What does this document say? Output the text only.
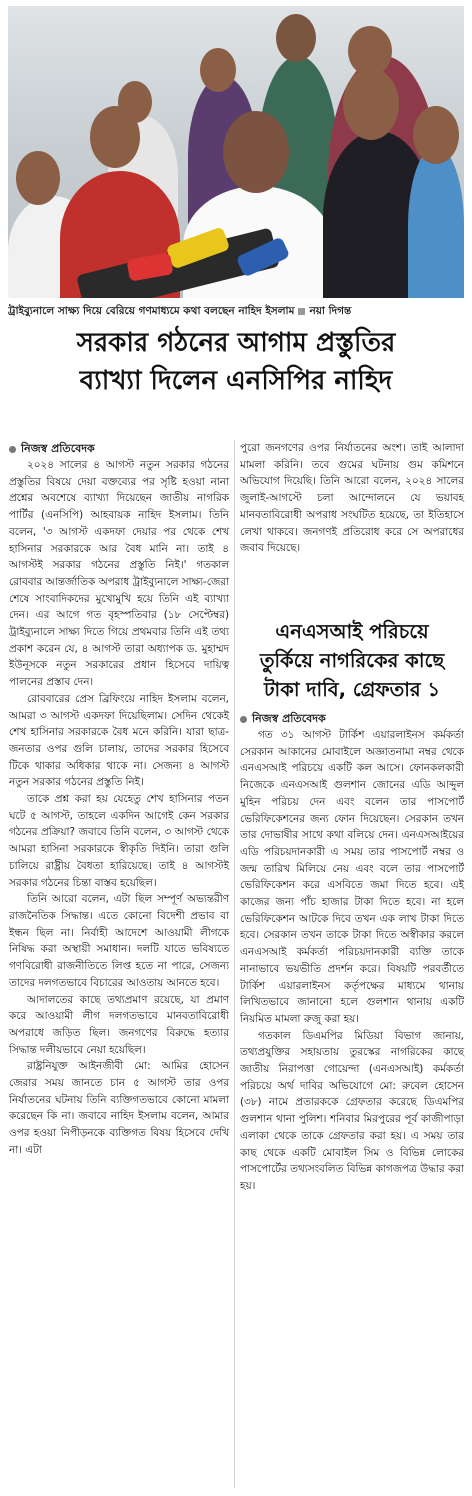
ট্রাইব্যুনালে সাক্ষ্য দিয়ে বেরিয়ে গণমাধ্যমে কথা বলছেন নাহিদ ইসলাম নয়া দিগন্ত
সরকার গঠনের আগাম প্রস্তুতির
ব্যাখ্যা দিলেন এনসিপির নাহিদ

নিজস্ব প্রতিবেদক

২০২৪ সালের ৪ আগস্ট নতুন সরকার গঠনের প্রস্তুতির বিষয়ে দেয়া বক্তব্যের পর সৃষ্টি হওয়া নানা প্রশ্নের অবশেষে ব্যাখ্যা দিয়েছেন জাতীয় নাগরিক পার্টির (এনসিপি) আহবায়ক নাহিদ ইসলাম। তিনি বলেন, '৩ আগস্ট একদফা দেয়ার পর থেকে শেখ হাসিনার সরকারকে আর বৈধ মানি না। তাই ৪ আগস্টই সরকার গঠনের প্রস্তুতি নিই।' গতকাল রোববার আন্তর্জাতিক অপরাধ ট্রাইব্যুনালে সাক্ষ্য-জেরা শেষে সাংবাদিকদের মুখোমুখি হয়ে তিনি এই ব্যাখ্যা দেন। এর আগে গত বৃহস্পতিবার (১৮ সেপ্টেম্বর) ট্রাইব্যুনালে সাক্ষ্য দিতে গিয়ে প্রথমবার তিনি এই তথ্য প্রকাশ করেন যে, ৪ আগস্ট তারা অধ্যাপক ড. মুহাম্মদ ইউনূসকে নতুন সরকারের প্রধান হিসেবে দায়িত্ব পালনের প্রস্তাব দেন।

রোববারের প্রেস ব্রিফিংয়ে নাহিদ ইসলাম বলেন, আমরা ৩ আগস্ট একদফা দিয়েছিলাম। সেদিন থেকেই শেখ হাসিনার সরকারকে বৈধ মনে করিনি। যারা ছাত্র-জনতার ওপর গুলি চালায়, তাদের সরকার হিসেবে টিকে থাকার অধিকার থাকে না। সেজন্য ৪ আগস্ট নতুন সরকার গঠনের প্রস্তুতি নিই।

তাকে প্রশ্ন করা হয় যেহেতু শেখ হাসিনার পতন ঘটে ৫ আগস্ট, তাহলে একদিন আগেই কেন সরকার গঠনের প্রক্রিয়া? জবাবে তিনি বলেন, ৩ আগস্ট থেকে আমরা হাসিনা সরকারকে স্বীকৃতি দিইনি। তারা গুলি চালিয়ে রাষ্ট্রীয় বৈধতা হারিয়েছে। তাই ৪ আগস্টই সরকার গঠনের চিন্তা বাস্তব হয়েছিল।

তিনি আরো বলেন, এটা ছিল সম্পূর্ণ অভ্যন্তরীণ রাজনৈতিক সিদ্ধান্ত। এতে কোনো বিদেশী প্রভাব বা ইন্ধন ছিল না। নির্বাহী আদেশে আওয়ামী লীগকে নিষিদ্ধ করা অস্থায়ী সমাধান। দলটি যাতে ভবিষ্যতে গণবিরোধী রাজনীতিতে লিপ্ত হতে না পারে, সেজন্য তাদের দলগতভাবে বিচারের আওতায় আনতে হবে।

আদালতের কাছে তথ্যপ্রমাণ রয়েছে, যা প্রমাণ করে আওয়ামী লীগ দলগতভাবে মানবতাবিরোধী অপরাধে জড়িত ছিল। জনগণের বিরুদ্ধে হত্যার সিদ্ধান্ত দলীয়ভাবে নেয়া হয়েছিল।

রাষ্ট্রনিযুক্ত আইনজীবী মো: আমির হোসেন জেরার সময় জানতে চান ৫ আগস্ট তার ওপর নির্যাতনের ঘটনায় তিনি ব্যক্তিগতভাবে কোনো মামলা করেছেন কি না। জবাবে নাহিদ ইসলাম বলেন, আমার ওপর হওয়া নিপীড়নকে ব্যক্তিগত বিষয় হিসেবে দেখি না। এটা

পুরো জনগণের ওপর নির্যাতনের অংশ। তাই আলাদা মামলা করিনি। তবে গুমের ঘটনায় গুম কমিশনে অভিযোগ দিয়েছি। তিনি আরো বলেন, ২০২৪ সালের জুলাই-আগস্টে চলা আন্দোলনে যে ভয়াবহ মানবতাবিরোধী অপরাধ সংঘটিত হয়েছে, তা ইতিহাসে লেখা থাকবে। জনগণই প্রতিরোধ করে সে অপরাধের জবাব দিয়েছে।

এনএসআই পরিচয়ে
তুর্কিয়ে নাগরিকের কাছে
টাকা দাবি, গ্রেফতার ১

নিজস্ব প্রতিবেদক

গত ৩১ আগস্ট টার্কিশ এয়ারলাইনস কর্মকর্তা সেরকান আকানের মোবাইলে অজ্ঞাতনামা নম্বর থেকে এনএসআই পরিচয়ে একটি কল আসে। ফোনকলকারী নিজেকে এনএসআই গুলশান জোনের এডি আব্দুল মুহিন পরিচয় দেন এবং বলেন তার পাসপোর্ট ভেরিফিকেশনের জন্য ফোন দিয়েছেন। সেরকান তখন তার দোভাষীর সাথে কথা বলিয়ে দেন। এনএসআইয়ের এডি পরিচয়দানকারী এ সময় তার পাসপোর্ট নম্বর ও জন্ম তারিখ মিলিয়ে নেয় এবং বলে তার পাসপোর্ট ভেরিফিকেশন করে এসবিতে জমা দিতে হবে। এই কাজের জন্য পাঁচ হাজার টাকা দিতে হবে। না হলে ভেরিফিকেশন আটকে দিবে তখন এক লাখ টাকা দিতে হবে। সেরকান তখন তাকে টাকা দিতে অস্বীকার করলে এনএসআই কর্মকর্তা পরিচয়দানকারী ব্যক্তি তাকে নানাভাবে ভয়ভীতি প্রদর্শন করে। বিষয়টি পরবর্তীতে টার্কিশ এয়ারলাইনস কর্তৃপক্ষের মাধ্যমে থানায় লিখিতভাবে জানানো হলে গুলশান থানায় একটি নিয়মিত মামলা রুজু করা হয়।

গতকাল ডিএমপির মিডিয়া বিভাগ জানায়, তথ্যপ্রযুক্তির সহায়তায় তুরস্কের নাগরিকের কাছে জাতীয় নিরাপত্তা গোয়েন্দা (এনএসআই) কর্মকর্তা পরিচয়ে অর্থ দাবির অভিযোগে মো: রুবেল হোসেন (৩৮) নামে প্রতারককে গ্রেফতার করেছে ডিএমপির গুলশান থানা পুলিশ। শনিবার মিরপুরের পূর্ব কাজীপাড়া এলাকা থেকে তাকে গ্রেফতার করা হয়। এ সময় তার কাছ থেকে একটি মোবাইল সিম ও বিভিন্ন লোকের পাসপোর্টের তথ্যসংবলিত বিভিন্ন কাগজপত্র উদ্ধার করা হয়।
